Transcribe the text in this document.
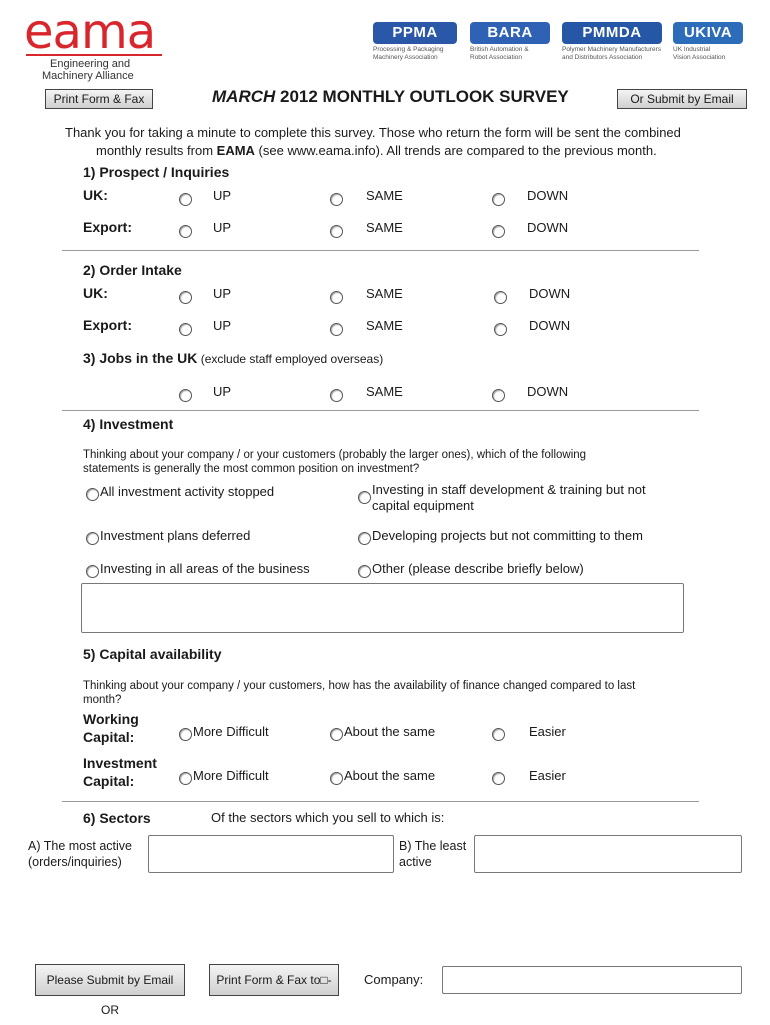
eama
Engineering and
Machinery Alliance
PPMA
Processing & Packaging
Machinery Association
BARA
British Automation &
Robot Association
PMMDA
Polymer Machinery Manufacturers
and Distributors Association
UKIVA
UK Industrial
Vision Association
Print Form & Fax	MARCH 2012 MONTHLY OUTLOOK SURVEY	Or Submit by Email
Thank you for taking a minute to complete this survey. Those who return the form will be sent the combined
monthly results from EAMA (see www.eama.info). All trends are compared to the previous month.
1) Prospect / Inquiries
UK:	UP	SAME	DOWN
Export:	UP	SAME	DOWN
2) Order Intake
UK:	UP	SAME	DOWN
Export:	UP	SAME	DOWN
3) Jobs in the UK (exclude staff employed overseas)
UP	SAME	DOWN
4) Investment
Thinking about your company / or your customers (probably the larger ones), which of the following
statements is generally the most common position on investment?
All investment activity stopped	Investing in staff development & training but not
capital equipment
Investment plans deferred	Developing projects but not committing to them
Investing in all areas of the business	Other (please describe briefly below)
5) Capital availability
Thinking about your company / your customers, how has the availability of finance changed compared to last
month?
Working
Capital:	More Difficult	About the same	Easier
Investment
Capital:	More Difficult	About the same	Easier
6) Sectors	Of the sectors which you sell to which is:
A) The most active
(orders/inquiries)
B) The least
active
Please Submit by Email OR
Print Form & Fax to□-	Company:
